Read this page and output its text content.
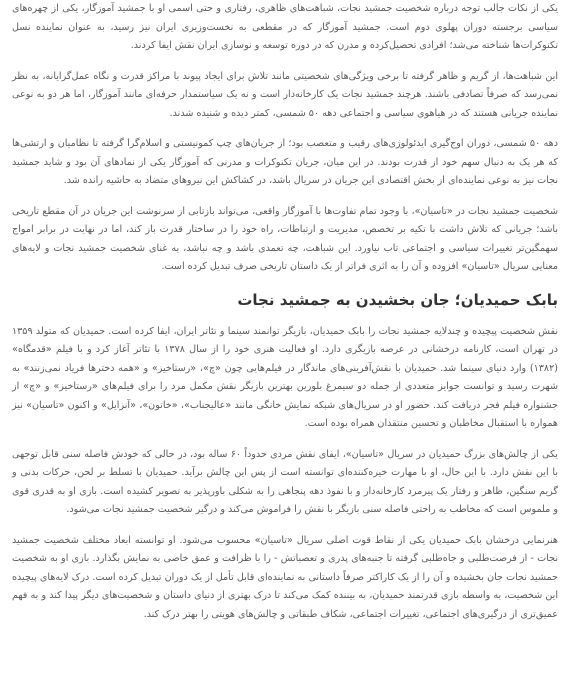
یکی از نکات جالب توجه درباره شخصیت جمشید نجات، شباهت‌های ظاهری، رفتاری و حتی اسمی او با جمشید آموزگار، یکی از چهره‌های سیاسی برجسته دوران پهلوی دوم است. جمشید آموزگار که در مقطعی به نخست‌وزیری ایران نیز رسید، به عنوان نماینده نسل تکنوکرات‌ها شناخته می‌شد؛ افرادی تحصیل‌کرده و مدرن که در دوره توسعه و نوسازی ایران نقش ایفا کردند.

این شباهت‌ها، از گریم و ظاهر گرفته تا برخی ویژگی‌های شخصیتی مانند تلاش برای ایجاد پیوند با مراکز قدرت و نگاه عمل‌گرایانه، به نظر نمی‌رسد که صرفاً تصادفی باشند. هرچند جمشید نجات یک کارخانه‌دار است و نه یک سیاستمدار حرفه‌ای مانند آموزگار، اما هر دو به نوعی نماینده جریانی هستند که در هیاهوی سیاسی و اجتماعی دهه ۵۰ شمسی، کمتر دیده و شنیده شدند.

دهه ۵۰ شمسی، دوران اوج‌گیری ایدئولوژی‌های رقیب و متعصب بود؛ از جریان‌های چپ کمونیستی و اسلام‌گرا گرفته تا نظامیان و ارتشی‌ها که هر یک به دنبال سهم خود از قدرت بودند. در این میان، جریان تکنوکرات و مدرنی که آموزگار یکی از نمادهای آن بود و شاید جمشید نجات نیز به نوعی نماینده‌ای از بخش اقتصادی این جریان در سریال باشد، در کشاکش این نیروهای متضاد به حاشیه رانده شد.

شخصیت جمشید نجات در «تاسیان»، با وجود تمام تفاوت‌ها با آموزگار واقعی، می‌تواند بازتابی از سرنوشت این جریان در آن مقطع تاریخی باشد؛ جریانی که تلاش داشت با تکیه بر تخصص، مدیریت و ارتباطات، راه خود را در ساختار قدرت باز کند، اما در نهایت در برابر امواج سهمگین‌تر تغییرات سیاسی و اجتماعی تاب نیاورد. این شباهت، چه تعمدی باشد و چه نباشد، به غنای شخصیت جمشید نجات و لایه‌های معنایی سریال «تاسیان» افزوده و آن را به اثری فراتر از یک داستان تاریخی صرف تبدیل کرده است.

بابک حمیدیان؛ جان بخشیدن به جمشید نجات

نقش شخصیت پیچیده و چندلایه جمشید نجات را بابک حمیدیان، بازیگر توانمند سینما و تئاتر ایران، ایفا کرده است. حمیدیان که متولد ۱۳۵۹ در تهران است، کارنامه درخشانی در عرصه بازیگری دارد. او فعالیت هنری خود را از سال ۱۳۷۸ با تئاتر آغاز کرد و با فیلم «قدمگاه» (۱۳۸۲) وارد دنیای سینما شد. حمیدیان با نقش‌آفرینی‌های ماندگار در فیلم‌هایی چون «چ»، «رستاخیز» و «همه دخترها فریاد نمی‌زنند» به شهرت رسید و توانست جوایز متعددی از جمله دو سیمرغ بلورین بهترین بازیگر نقش مکمل مرد را برای فیلم‌های «رستاخیز» و «چ» از جشنواره فیلم فجر دریافت کند. حضور او در سریال‌های شبکه نمایش خانگی مانند «عالیجناب»، «خاتون»، «آنزایل» و اکنون «تاسیان» نیز همواره با استقبال مخاطبان و تحسین منتقدان همراه بوده است.

یکی از چالش‌های بزرگ حمیدیان در سریال «تاسیان»، ایفای نقش مردی حدوداً ۶۰ ساله بود، در حالی که خودش فاصله سنی قابل توجهی با این نقش دارد. با این حال، او با مهارت خیره‌کننده‌ای توانسته است از پس این چالش برآید. حمیدیان با تسلط بر لحن، حرکات بدنی و گریم سنگین، ظاهر و رفتار یک پیرمرد کارخانه‌دار و با نفوذ دهه پنجاهی را به شکلی باورپذیر به تصویر کشیده است. بازی او به قدری قوی و ملموس است که مخاطب به راحتی فاصله سنی بازیگر با نقش را فراموش می‌کند و درگیر شخصیت جمشید نجات می‌شود.

هنرنمایی درخشان بابک حمیدیان یکی از نقاط قوت اصلی سریال «تاسیان» محسوب می‌شود. او توانسته ابعاد مختلف شخصیت جمشید نجات - از فرصت‌طلبی و جاه‌طلبی گرفته تا جنبه‌های پدری و تعصباتش - را با ظرافت و عمق خاصی به نمایش بگذارد. بازی او به شخصیت جمشید نجات جان بخشیده و آن را از یک کاراکتر صرفاً داستانی به نماینده‌ای قابل تأمل از یک دوران تبدیل کرده است. درک لایه‌های پیچیده این شخصیت، به واسطه بازی قدرتمند حمیدیان، به بیننده کمک می‌کند تا درک بهتری از دنیای داستان و شخصیت‌های دیگر پیدا کند و به فهم عمیق‌تری از درگیری‌های اجتماعی، تغییرات اجتماعی، شکاف طبقاتی و چالش‌های هویتی را بهتر درک کند.
